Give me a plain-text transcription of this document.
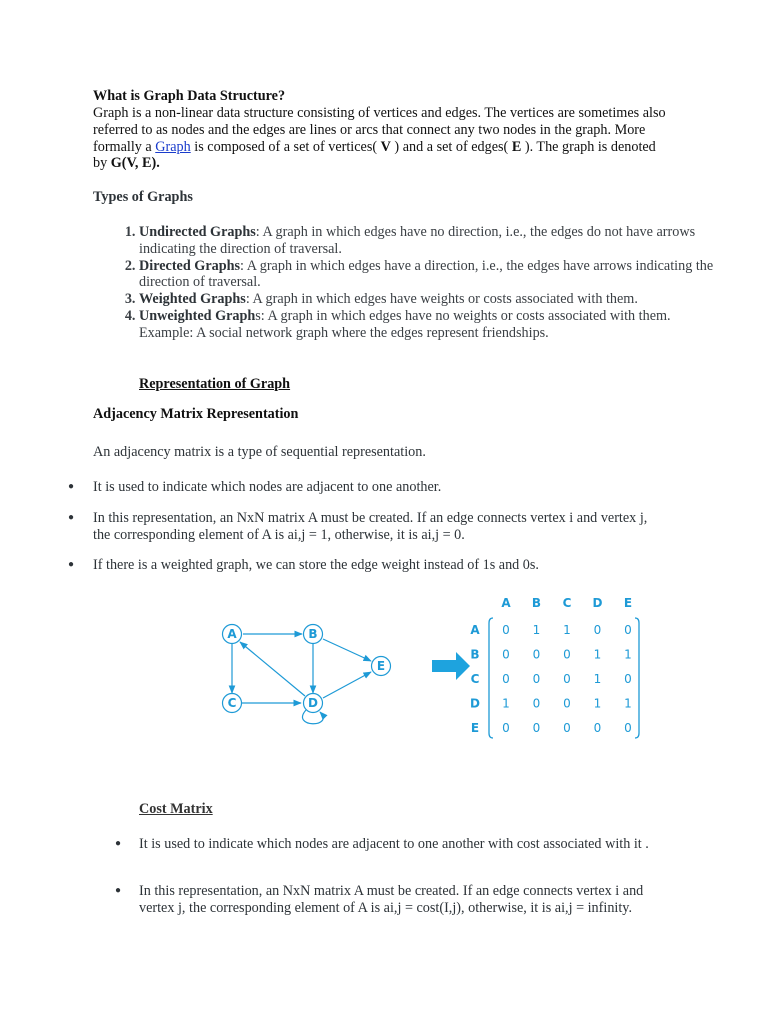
What is Graph Data Structure?
Graph is a non-linear data structure consisting of vertices and edges. The vertices are sometimes also referred to as nodes and the edges are lines or arcs that connect any two nodes in the graph. More formally a Graph is composed of a set of vertices( V ) and a set of edges( E ). The graph is denoted by G(V, E).
Types of Graphs
1. Undirected Graphs: A graph in which edges have no direction, i.e., the edges do not have arrows indicating the direction of traversal.
2. Directed Graphs: A graph in which edges have a direction, i.e., the edges have arrows indicating the direction of traversal.
3. Weighted Graphs: A graph in which edges have weights or costs associated with them.
4. Unweighted Graphs: A graph in which edges have no weights or costs associated with them. Example: A social network graph where the edges represent friendships.
Representation of Graph
Adjacency Matrix Representation
An adjacency matrix is a type of sequential representation.
● It is used to indicate which nodes are adjacent to one another.
● In this representation, an NxN matrix A must be created. If an edge connects vertex i and vertex j, the corresponding element of A is ai,j = 1, otherwise, it is ai,j = 0.
● If there is a weighted graph, we can store the edge weight instead of 1s and 0s.
A	B
C	D
E
A B C D E
A
B
C
D
E
0 1 1 0 0
0 0 0 1 1
0 0 0 1 0
1 0 0 1 1
0 0 0 0 0
Cost Matrix
● It is used to indicate which nodes are adjacent to one another with cost associated with it .
● In this representation, an NxN matrix A must be created. If an edge connects vertex i and vertex j, the corresponding element of A is ai,j = cost(I,j), otherwise, it is ai,j = infinity.
